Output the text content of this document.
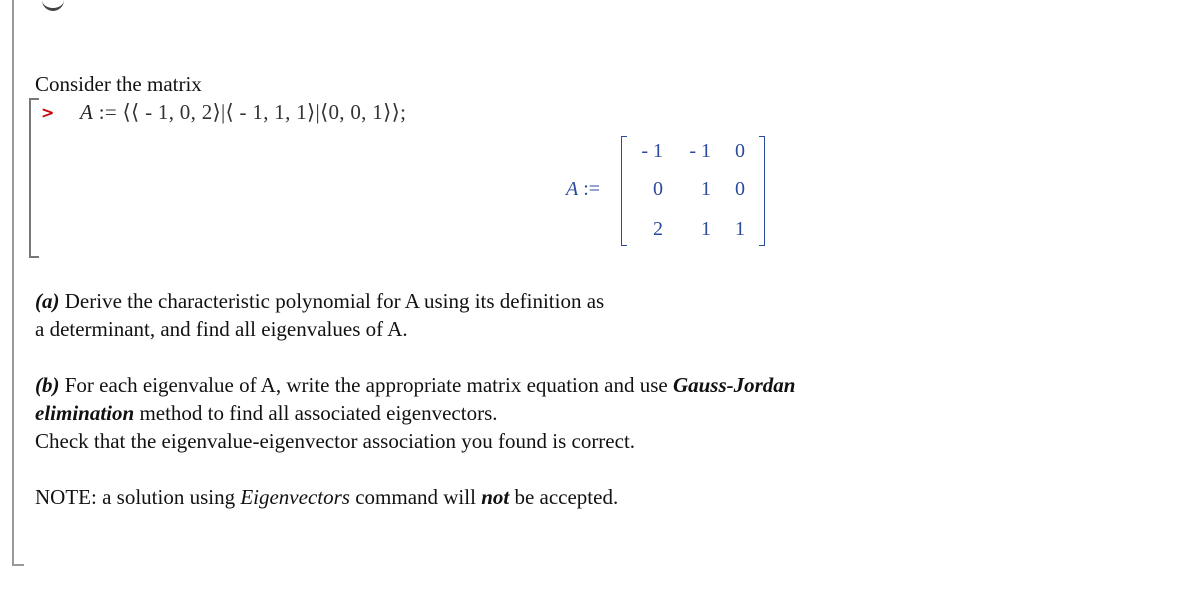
Consider the matrix
> A := ⟨⟨ - 1, 0, 2⟩|⟨ - 1, 1, 1⟩|⟨0, 0, 1⟩⟩;
A :=
- 1	- 1	0
0	1	0
2	1	1
(a) Derive the characteristic polynomial for A using its definition as
a determinant, and find all eigenvalues of A.
(b) For each eigenvalue of A, write the appropriate matrix equation and use Gauss-Jordan
elimination method to find all associated eigenvectors.
Check that the eigenvalue-eigenvector association you found is correct.
NOTE: a solution using Eigenvectors command will not be accepted.
